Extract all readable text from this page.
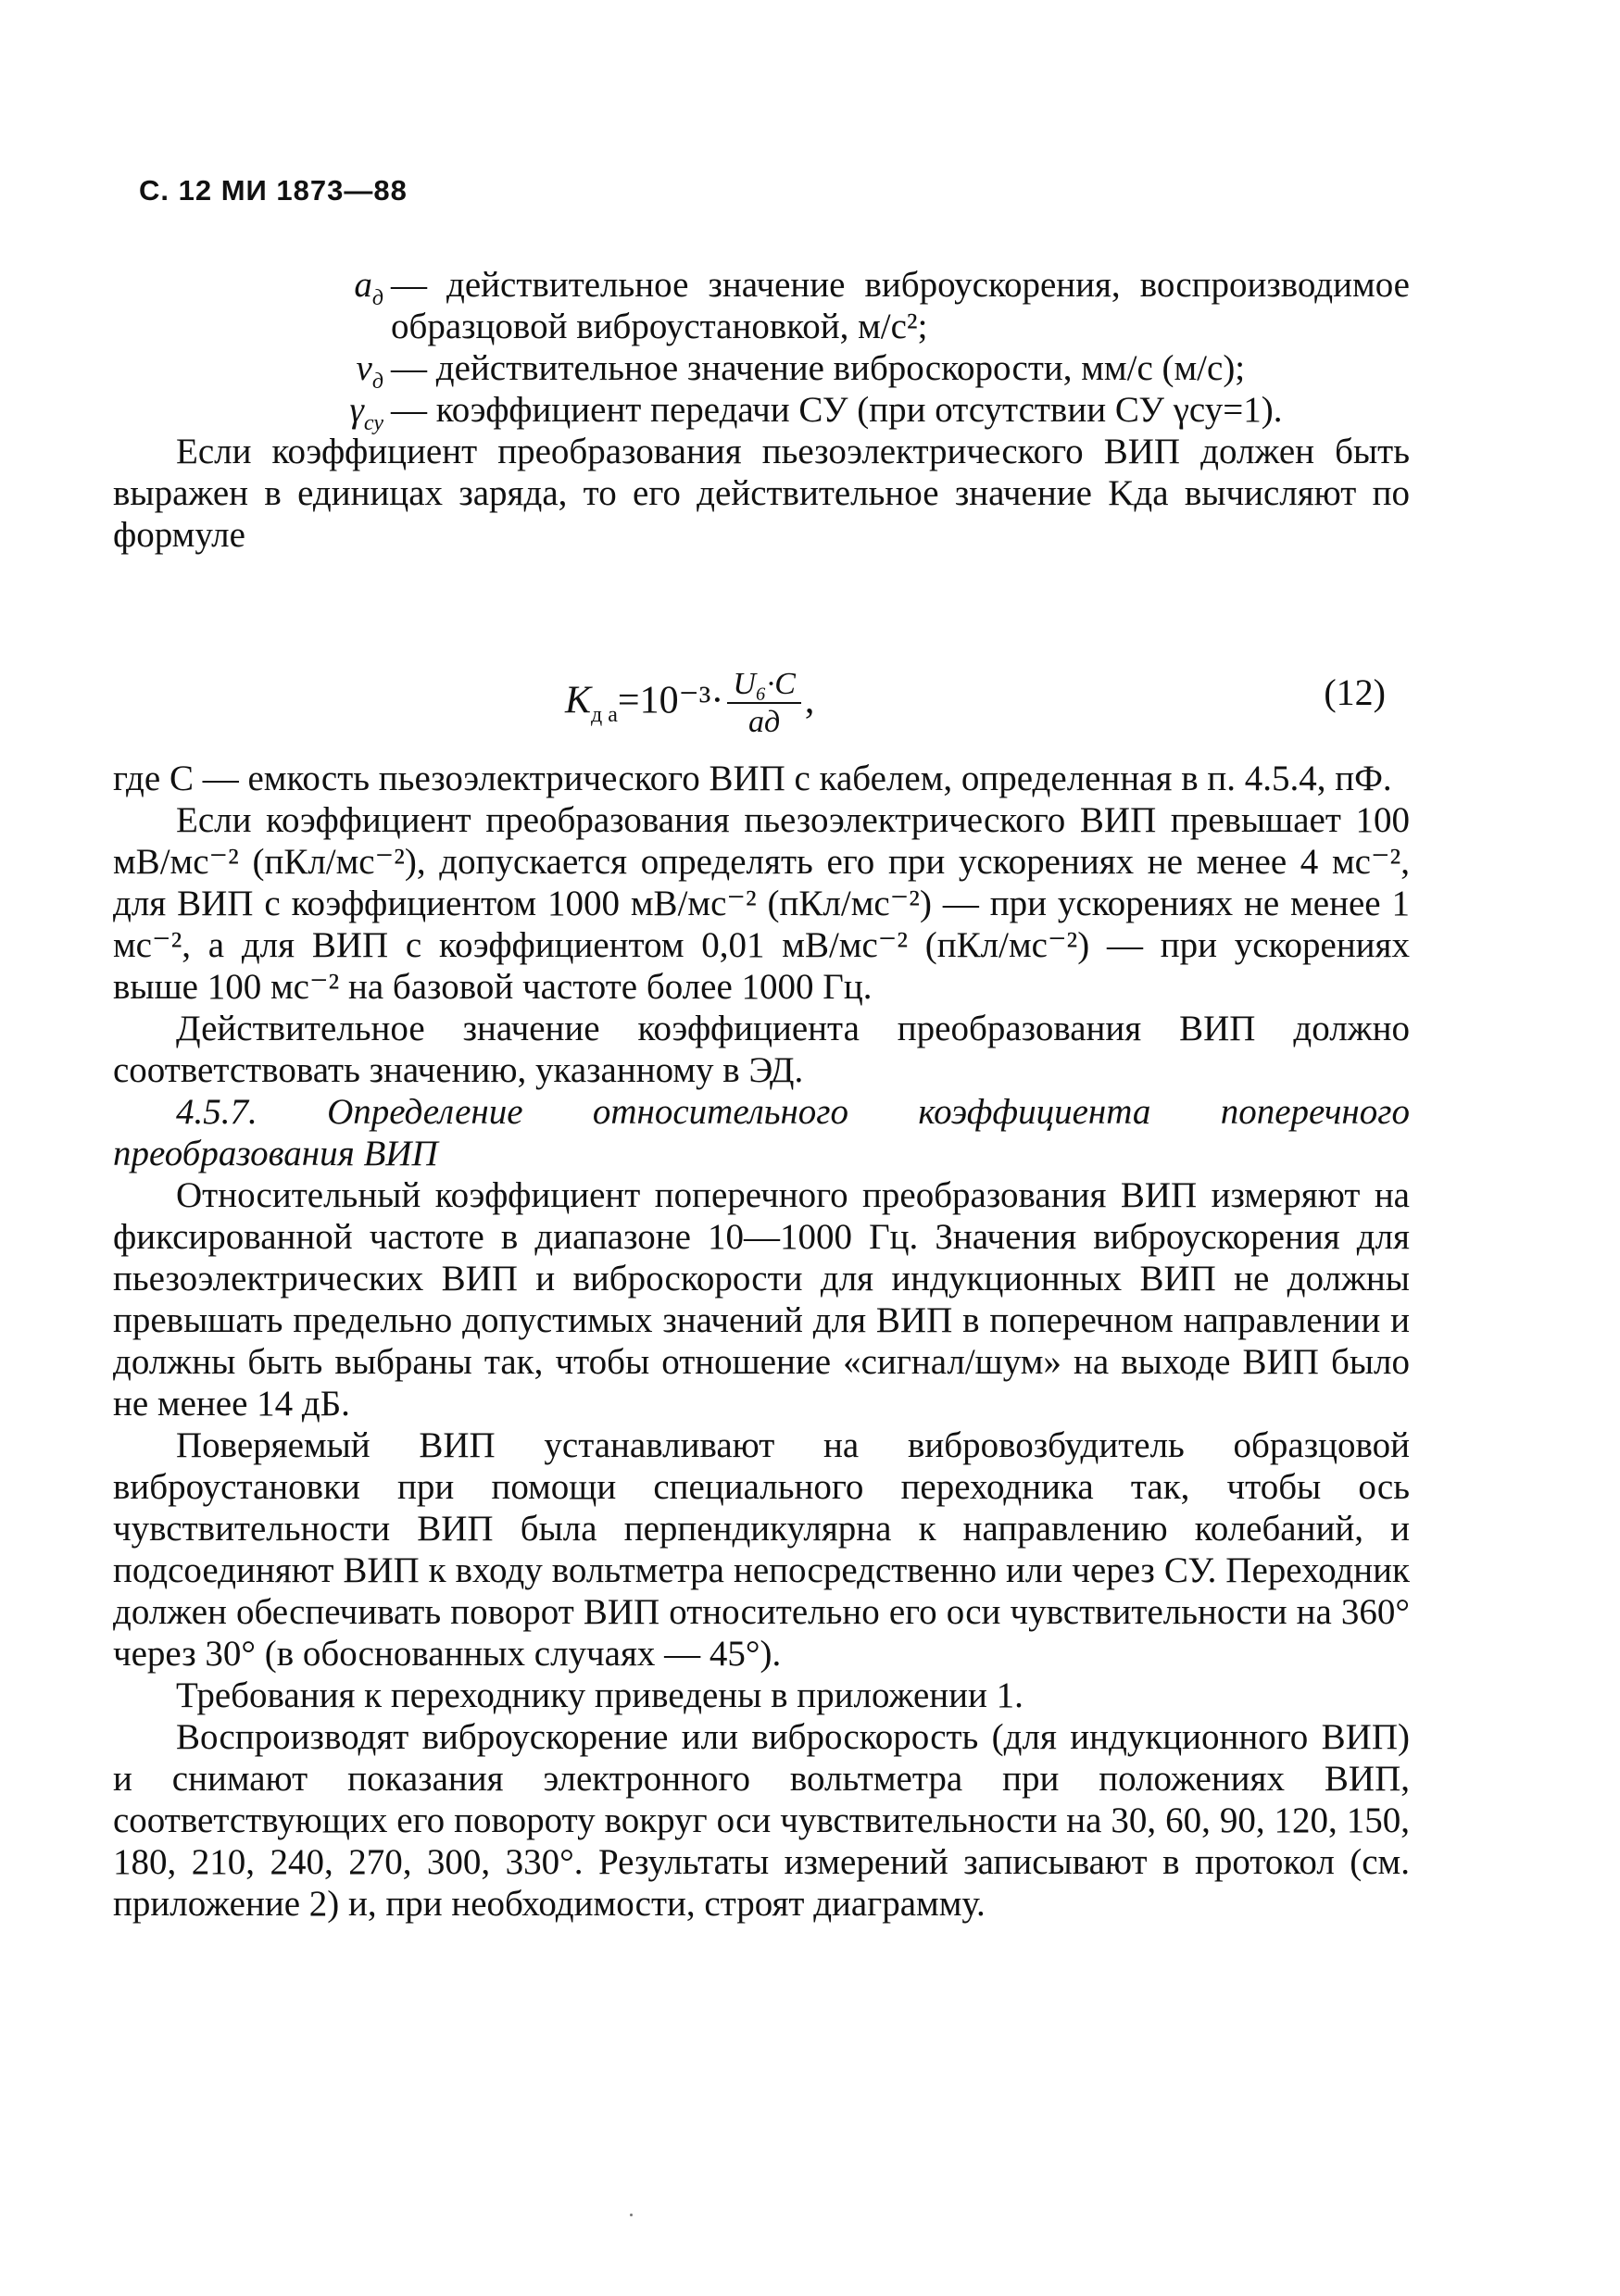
С. 12 МИ 1873—88
$a_д$ — действительное значение виброускорения, воспроизводимое образцовой виброустановкой, м/с²;
$v_д$ — действительное значение виброскорости, мм/с (м/с);
$\gamma_{су}$ — коэффициент передачи СУ (при отсутствии СУ γсу=1).

Если коэффициент преобразования пьезоэлектрического ВИП должен быть выражен в единицах заряда, то его действительное значение Kда вычисляют по формуле

$K_{д a}=10^{-3}\cdot \frac{\text{U₆·C}}{aд}$ ,	(12)

где C — емкость пьезоэлектрического ВИП с кабелем, определенная в п. 4.5.4, пФ.

Если коэффициент преобразования пьезоэлектрического ВИП превышает 100 мВ/мс⁻² (пКл/мс⁻²), допускается определять его при ускорениях не менее 4 мс⁻², для ВИП с коэффициентом 1000 мВ/мс⁻² (пКл/мс⁻²) — при ускорениях не менее 1 мс⁻², а для ВИП с коэффициентом 0,01 мВ/мс⁻² (пКл/мс⁻²) — при ускорениях выше 100 мс⁻² на базовой частоте более 1000 Гц.

Действительное значение коэффициента преобразования ВИП должно соответствовать значению, указанному в ЭД.

4.5.7. Определение относительного коэффициента поперечного преобразования ВИП

Относительный коэффициент поперечного преобразования ВИП измеряют на фиксированной частоте в диапазоне 10—1000 Гц. Значения виброускорения для пьезоэлектрических ВИП и виброскорости для индукционных ВИП не должны превышать предельно допустимых значений для ВИП в поперечном направлении и должны быть выбраны так, чтобы отношение «сигнал/шум» на выходе ВИП было не менее 14 дБ.

Поверяемый ВИП устанавливают на вибровозбудитель образцовой виброустановки при помощи специального переходника так, чтобы ось чувствительности ВИП была перпендикулярна к направлению колебаний, и подсоединяют ВИП к входу вольтметра непосредственно или через СУ. Переходник должен обеспечивать поворот ВИП относительно его оси чувствительности на 360° через 30° (в обоснованных случаях — 45°).

Требования к переходнику приведены в приложении 1.

Воспроизводят виброускорение или виброскорость (для индукционного ВИП) и снимают показания электронного вольтметра при положениях ВИП, соответствующих его повороту вокруг оси чувствительности на 30, 60, 90, 120, 150, 180, 210, 240, 270, 300, 330°. Результаты измерений записывают в протокол (см. приложение 2) и, при необходимости, строят диаграмму.
